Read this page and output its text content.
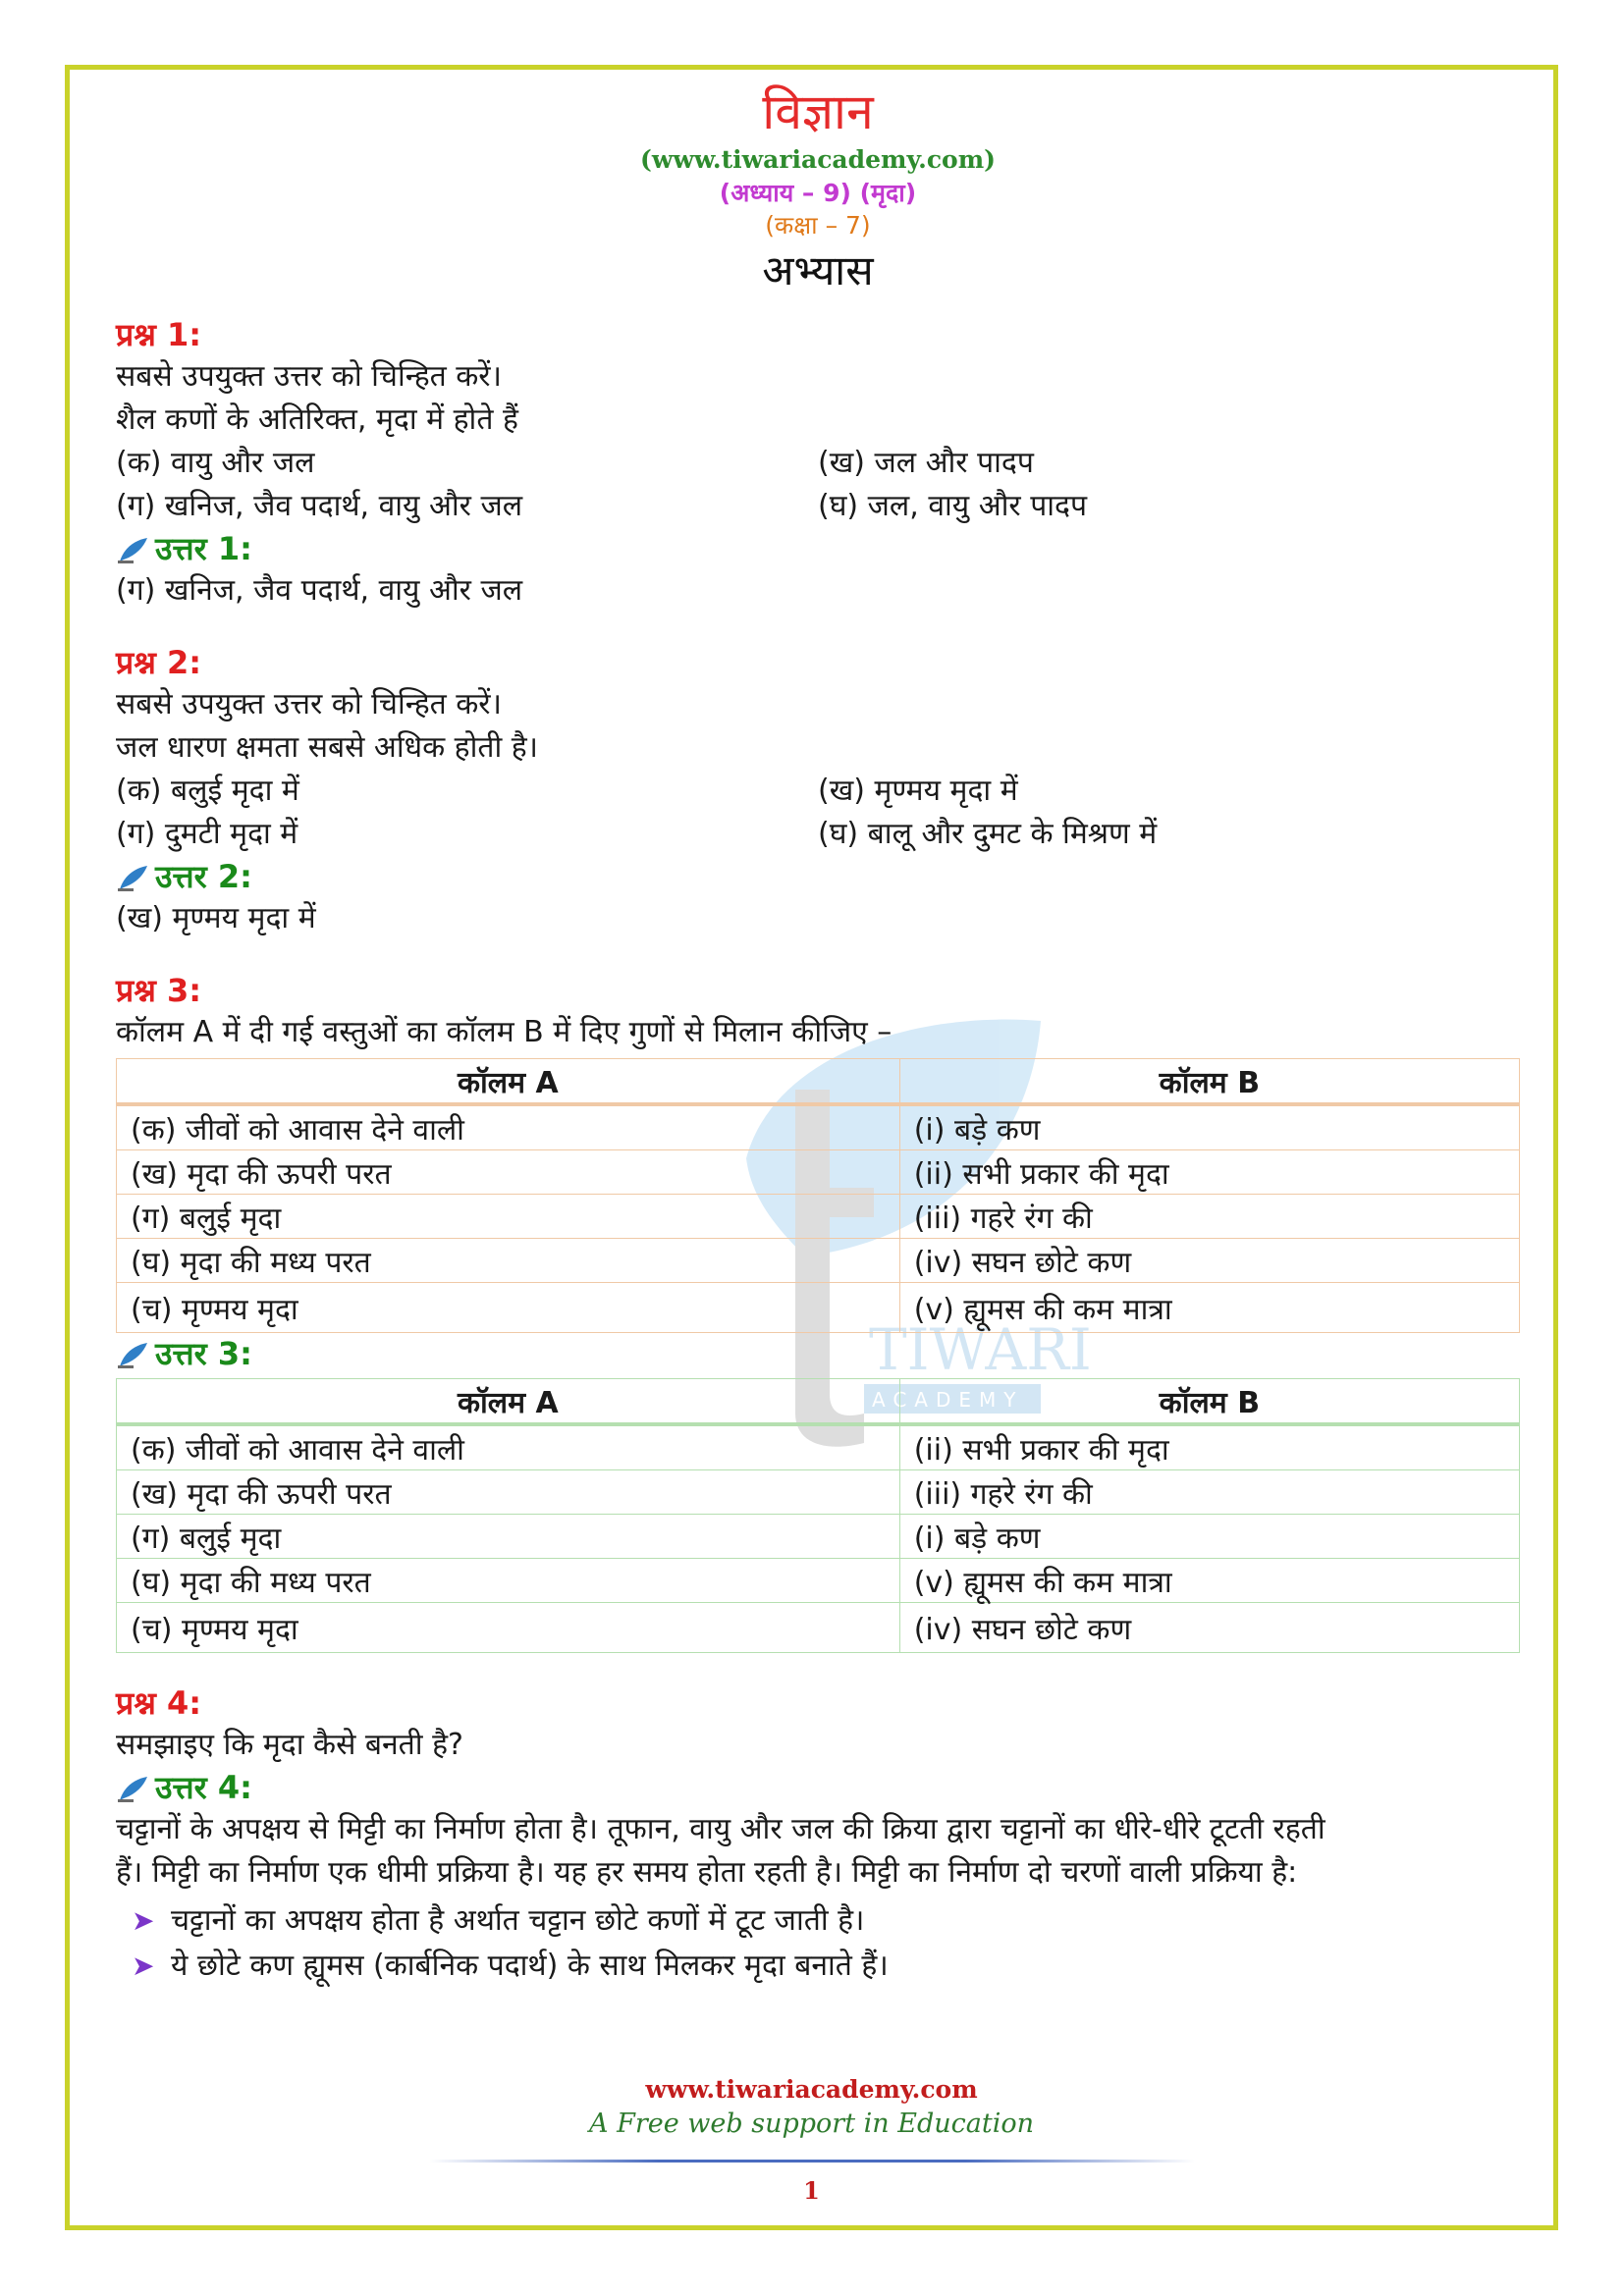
TIWARI
ACADEMY
विज्ञान
(www.tiwariacademy.com)
(अध्याय – 9) (मृदा)
(कक्षा – 7)
अभ्यास
प्रश्न 1:
सबसे उपयुक्त उत्तर को चिन्हित करें।
शैल कणों के अतिरिक्त, मृदा में होते हैं
(क) वायु और जल	(ख) जल और पादप
(ग) खनिज, जैव पदार्थ, वायु और जल	(घ) जल, वायु और पादप
उत्तर 1:
(ग) खनिज, जैव पदार्थ, वायु और जल
प्रश्न 2:
सबसे उपयुक्त उत्तर को चिन्हित करें।
जल धारण क्षमता सबसे अधिक होती है।
(क) बलुई मृदा में	(ख) मृण्मय मृदा में
(ग) दुमटी मृदा में	(घ) बालू और दुमट के मिश्रण में
उत्तर 2:
(ख) मृण्मय मृदा में
प्रश्न 3:
कॉलम A में दी गई वस्तुओं का कॉलम B में दिए गुणों से मिलान कीजिए –
कॉलम A	कॉलम B
(क) जीवों को आवास देने वाली	(i) बड़े कण
(ख) मृदा की ऊपरी परत	(ii) सभी प्रकार की मृदा
(ग) बलुई मृदा	(iii) गहरे रंग की
(घ) मृदा की मध्य परत	(iv) सघन छोटे कण
(च) मृण्मय मृदा	(v) ह्यूमस की कम मात्रा
उत्तर 3:
कॉलम A	कॉलम B
(क) जीवों को आवास देने वाली	(ii) सभी प्रकार की मृदा
(ख) मृदा की ऊपरी परत	(iii) गहरे रंग की
(ग) बलुई मृदा	(i) बड़े कण
(घ) मृदा की मध्य परत	(v) ह्यूमस की कम मात्रा
(च) मृण्मय मृदा	(iv) सघन छोटे कण
प्रश्न 4:
समझाइए कि मृदा कैसे बनती है?
उत्तर 4:
चट्टानों के अपक्षय से मिट्टी का निर्माण होता है। तूफान, वायु और जल की क्रिया द्वारा चट्टानों का धीरे-धीरे टूटती रहती
हैं। मिट्टी का निर्माण एक धीमी प्रक्रिया है। यह हर समय होता रहती है। मिट्टी का निर्माण दो चरणों वाली प्रक्रिया है:
➤ चट्टानों का अपक्षय होता है अर्थात चट्टान छोटे कणों में टूट जाती है।
➤ ये छोटे कण ह्यूमस (कार्बनिक पदार्थ) के साथ मिलकर मृदा बनाते हैं।
www.tiwariacademy.com
A Free web support in Education
1
